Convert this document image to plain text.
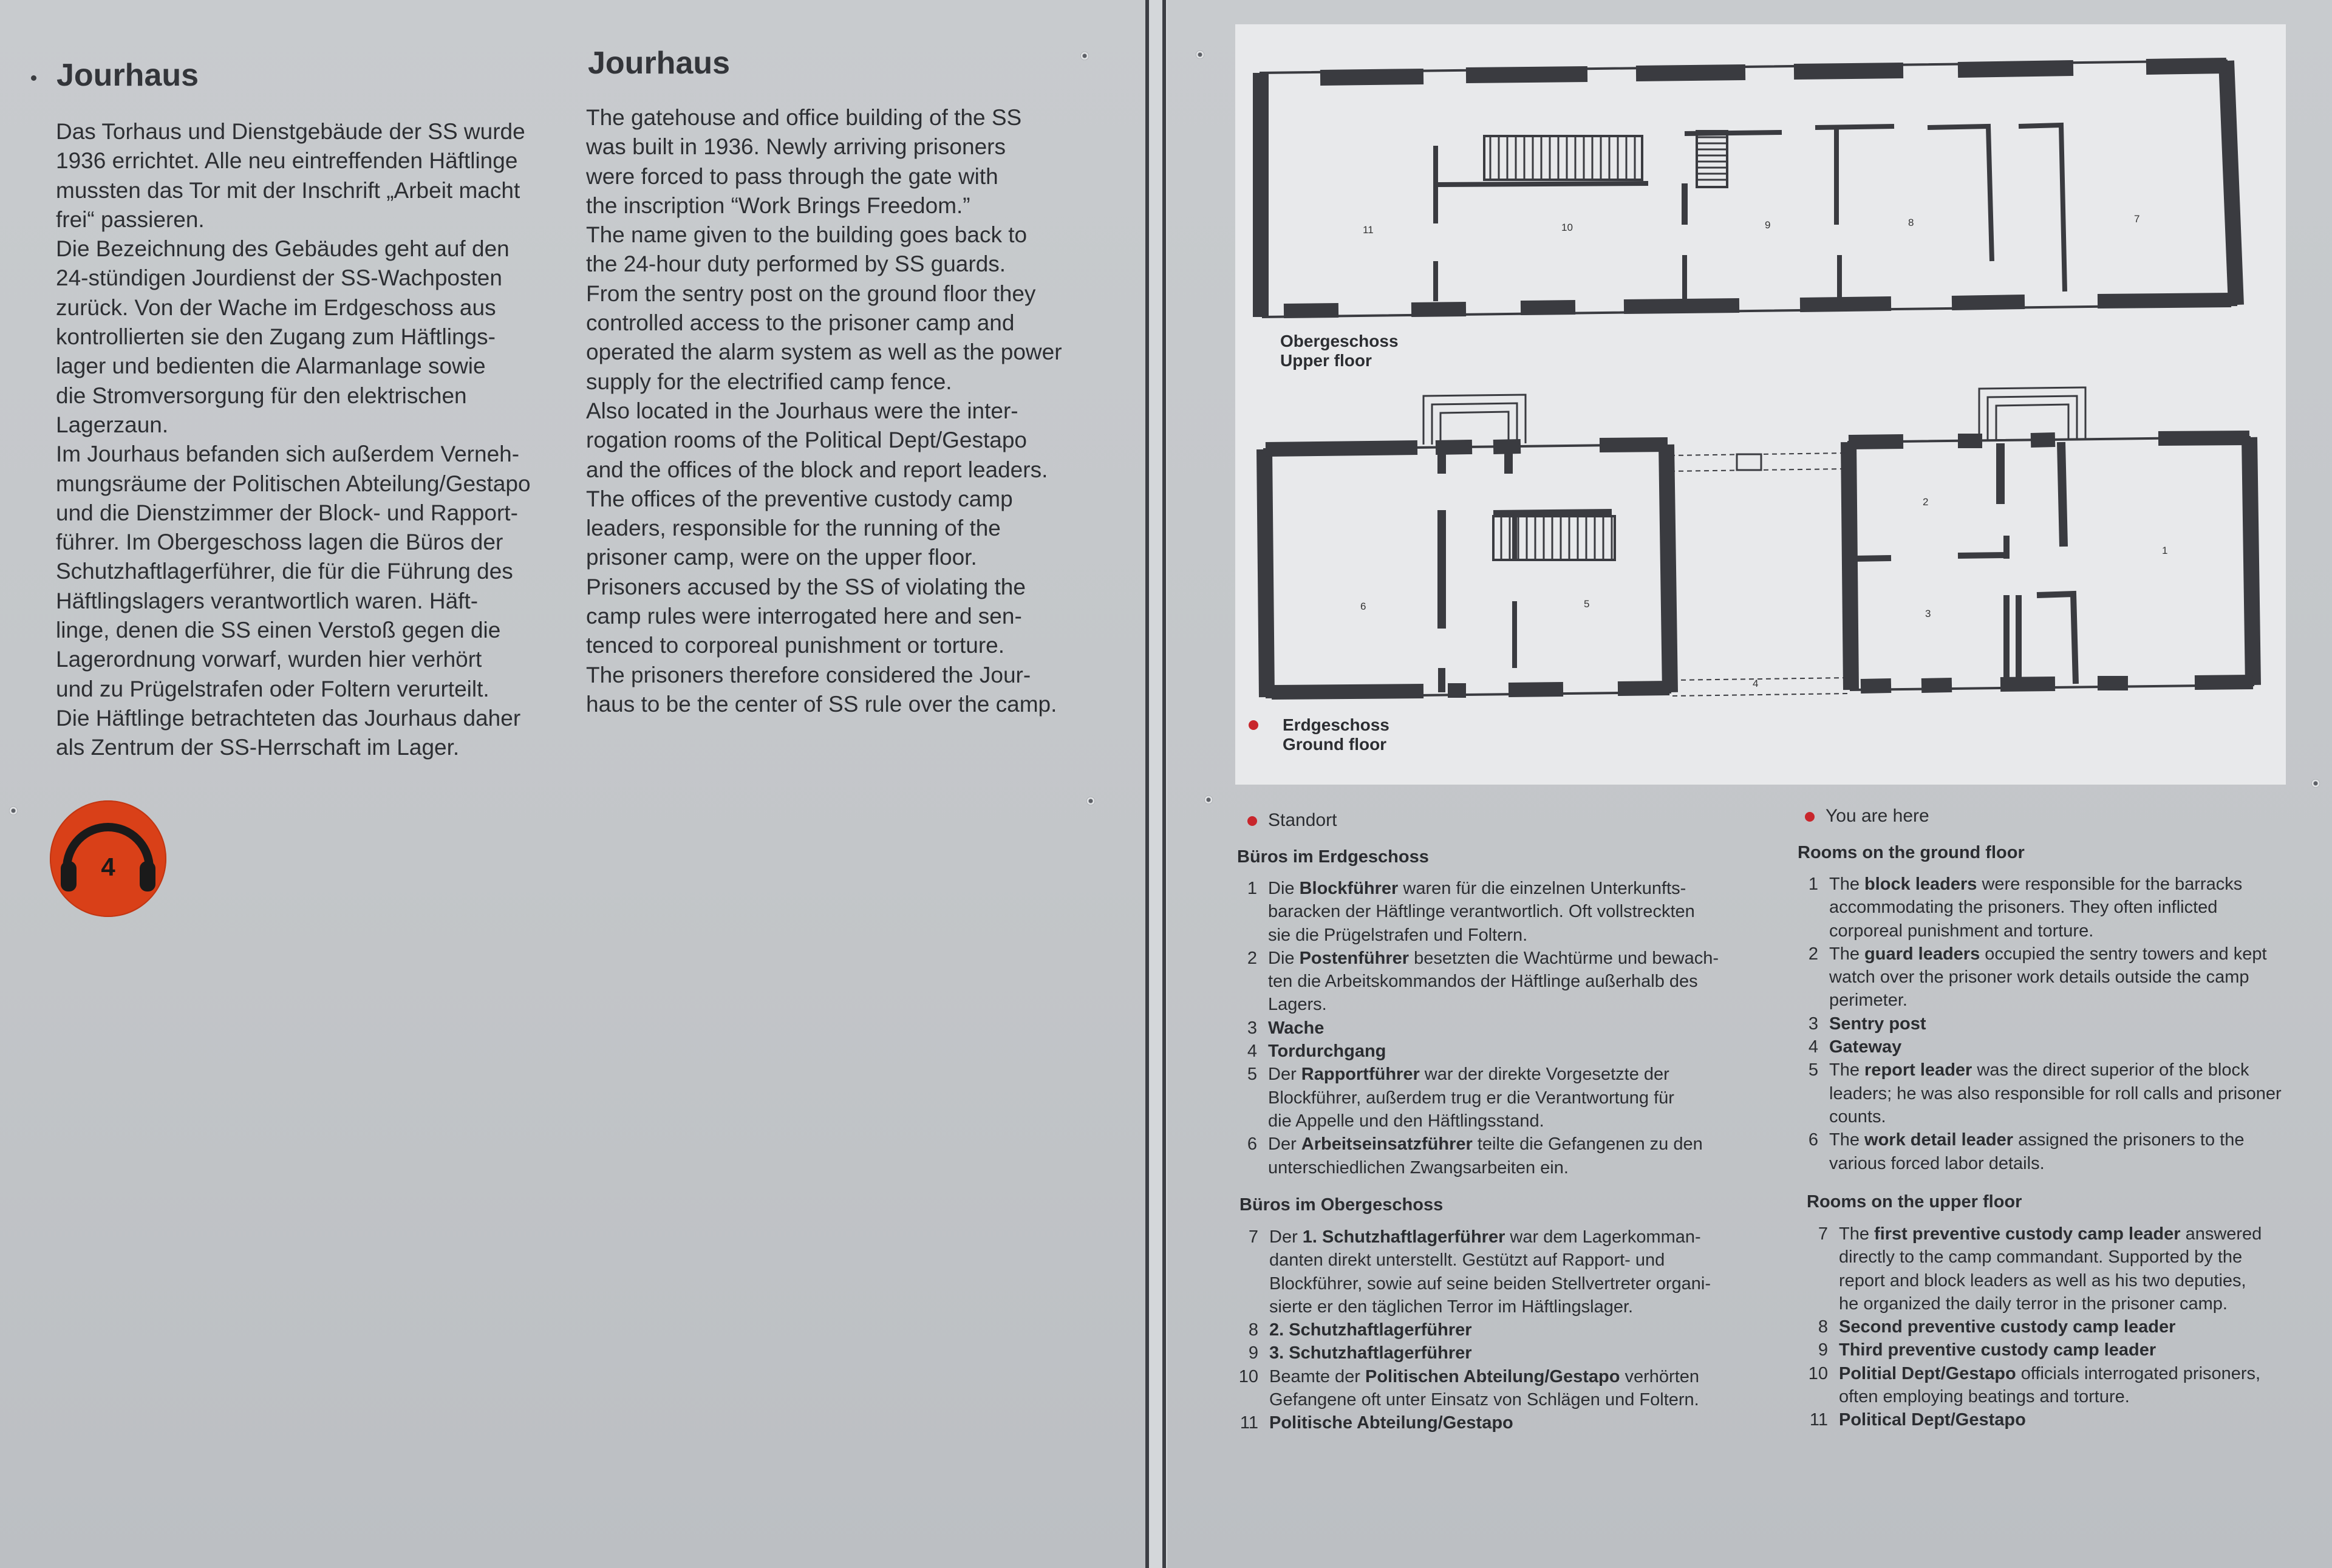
Jourhaus
Das Torhaus und Dienstgebäude der SS wurde
1936 errichtet. Alle neu eintreffenden Häftlinge
mussten das Tor mit der Inschrift „Arbeit macht
frei“ passieren.
Die Bezeichnung des Gebäudes geht auf den
24-stündigen Jourdienst der SS-Wachposten
zurück. Von der Wache im Erdgeschoss aus
kontrollierten sie den Zugang zum Häftlings-
lager und bedienten die Alarmanlage sowie
die Stromversorgung für den elektrischen
Lagerzaun.
Im Jourhaus befanden sich außerdem Verneh-
mungsräume der Politischen Abteilung/Gestapo
und die Dienstzimmer der Block- und Rapport-
führer. Im Obergeschoss lagen die Büros der
Schutzhaftlagerführer, die für die Führung des
Häftlingslagers verantwortlich waren. Häft-
linge, denen die SS einen Verstoß gegen die
Lagerordnung vorwarf, wurden hier verhört
und zu Prügelstrafen oder Foltern verurteilt.
Die Häftlinge betrachteten das Jourhaus daher
als Zentrum der SS-Herrschaft im Lager.
Jourhaus
The gatehouse and office building of the SS
was built in 1936. Newly arriving prisoners
were forced to pass through the gate with
the inscription “Work Brings Freedom.”
The name given to the building goes back to
the 24-hour duty performed by SS guards.
From the sentry post on the ground floor they
controlled access to the prisoner camp and
operated the alarm system as well as the power
supply for the electrified camp fence.
Also located in the Jourhaus were the inter-
rogation rooms of the Political Dept/Gestapo
and the offices of the block and report leaders.
The offices of the preventive custody camp
leaders, responsible for the running of the
prisoner camp, were on the upper floor.
Prisoners accused by the SS of violating the
camp rules were interrogated here and sen-
tenced to corporeal punishment or torture.
The prisoners therefore considered the Jour-
haus to be the center of SS rule over the camp.
4
11	10	9	8	7
6	5
4
3
2
1
Obergeschoss
Upper floor
Erdgeschoss
Ground floor
Standort
Büros im Erdgeschoss
1 Die Blockführer waren für die einzelnen Unterkunfts-
baracken der Häftlinge verantwortlich. Oft vollstreckten
sie die Prügelstrafen und Foltern.
2 Die Postenführer besetzten die Wachtürme und bewach-
ten die Arbeitskommandos der Häftlinge außerhalb des
Lagers.
3 Wache
4 Tordurchgang
5 Der Rapportführer war der direkte Vorgesetzte der
Blockführer, außerdem trug er die Verantwortung für
die Appelle und den Häftlingsstand.
6 Der Arbeitseinsatzführer teilte die Gefangenen zu den
unterschiedlichen Zwangsarbeiten ein.
Büros im Obergeschoss
7 Der 1. Schutzhaftlagerführer war dem Lagerkomman-
danten direkt unterstellt. Gestützt auf Rapport- und
Blockführer, sowie auf seine beiden Stellvertreter organi-
sierte er den täglichen Terror im Häftlingslager.
8 2. Schutzhaftlagerführer
9 3. Schutzhaftlagerführer
10 Beamte der Politischen Abteilung/Gestapo verhörten
Gefangene oft unter Einsatz von Schlägen und Foltern.
11 Politische Abteilung/Gestapo
You are here
Rooms on the ground floor
1 The block leaders were responsible for the barracks
accommodating the prisoners. They often inflicted
corporeal punishment and torture.
2 The guard leaders occupied the sentry towers and kept
watch over the prisoner work details outside the camp
perimeter.
3 Sentry post
4 Gateway
5 The report leader was the direct superior of the block
leaders; he was also responsible for roll calls and prisoner
counts.
6 The work detail leader assigned the prisoners to the
various forced labor details.
Rooms on the upper floor
7 The first preventive custody camp leader answered
directly to the camp commandant. Supported by the
report and block leaders as well as his two deputies,
he organized the daily terror in the prisoner camp.
8 Second preventive custody camp leader
9 Third preventive custody camp leader
10 Politial Dept/Gestapo officials interrogated prisoners,
often employing beatings and torture.
11 Political Dept/Gestapo
